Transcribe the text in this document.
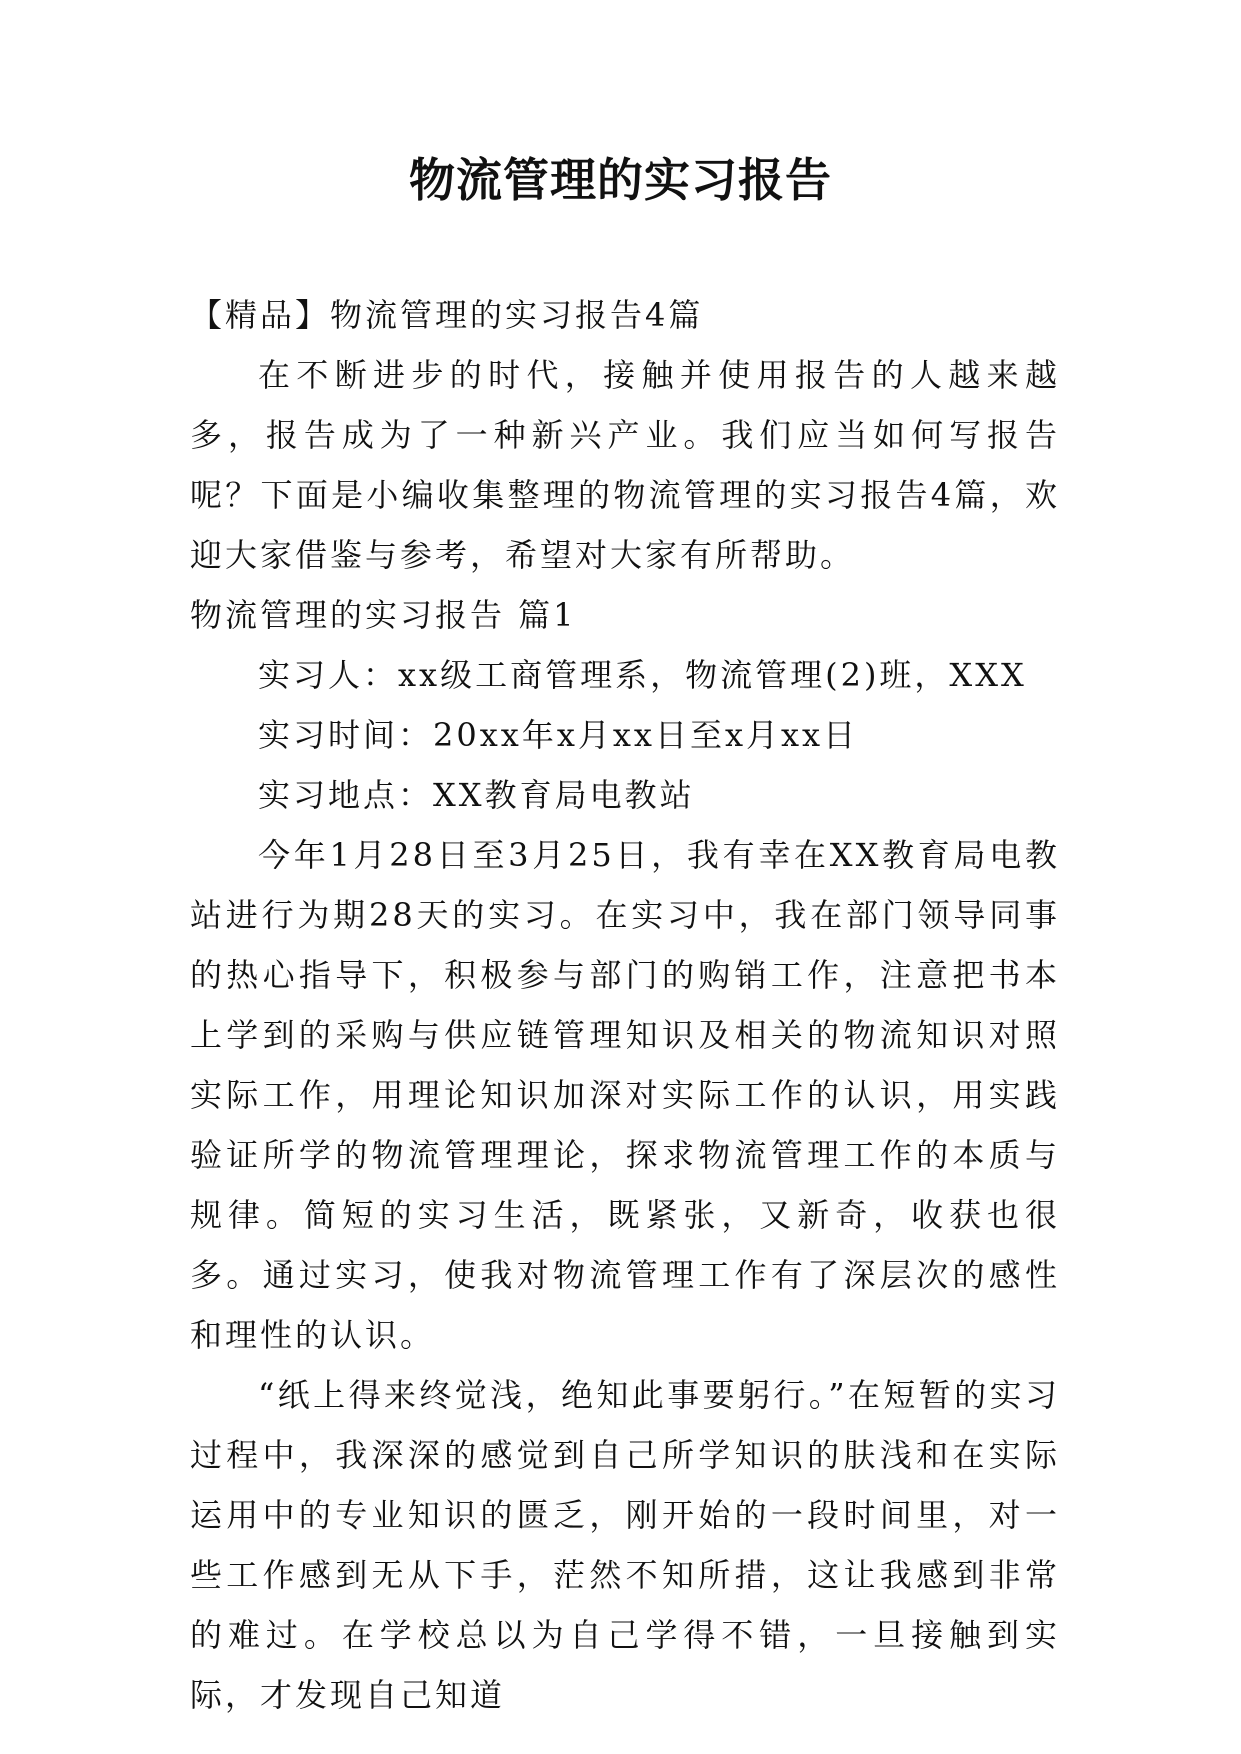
物流管理的实习报告

【精品】物流管理的实习报告4篇

在不断进步的时代，接触并使用报告的人越来越多，报告成为了一种新兴产业。我们应当如何写报告呢？下面是小编收集整理的物流管理的实习报告4篇，欢迎大家借鉴与参考，希望对大家有所帮助。

物流管理的实习报告 篇1

实习人：xx级工商管理系，物流管理(2)班，XXX

实习时间：20xx年x月xx日至x月xx日

实习地点：XX教育局电教站

今年1月28日至3月25日，我有幸在XX教育局电教站进行为期28天的实习。在实习中，我在部门领导同事的热心指导下，积极参与部门的购销工作，注意把书本上学到的采购与供应链管理知识及相关的物流知识对照实际工作，用理论知识加深对实际工作的认识，用实践验证所学的物流管理理论，探求物流管理工作的本质与规律。简短的实习生活，既紧张，又新奇，收获也很多。通过实习，使我对物流管理工作有了深层次的感性和理性的认识。

“纸上得来终觉浅，绝知此事要躬行。”在短暂的实习过程中，我深深的感觉到自己所学知识的肤浅和在实际运用中的专业知识的匮乏，刚开始的一段时间里，对一些工作感到无从下手，茫然不知所措，这让我感到非常的难过。在学校总以为自己学得不错，一旦接触到实际，才发现自己知道
